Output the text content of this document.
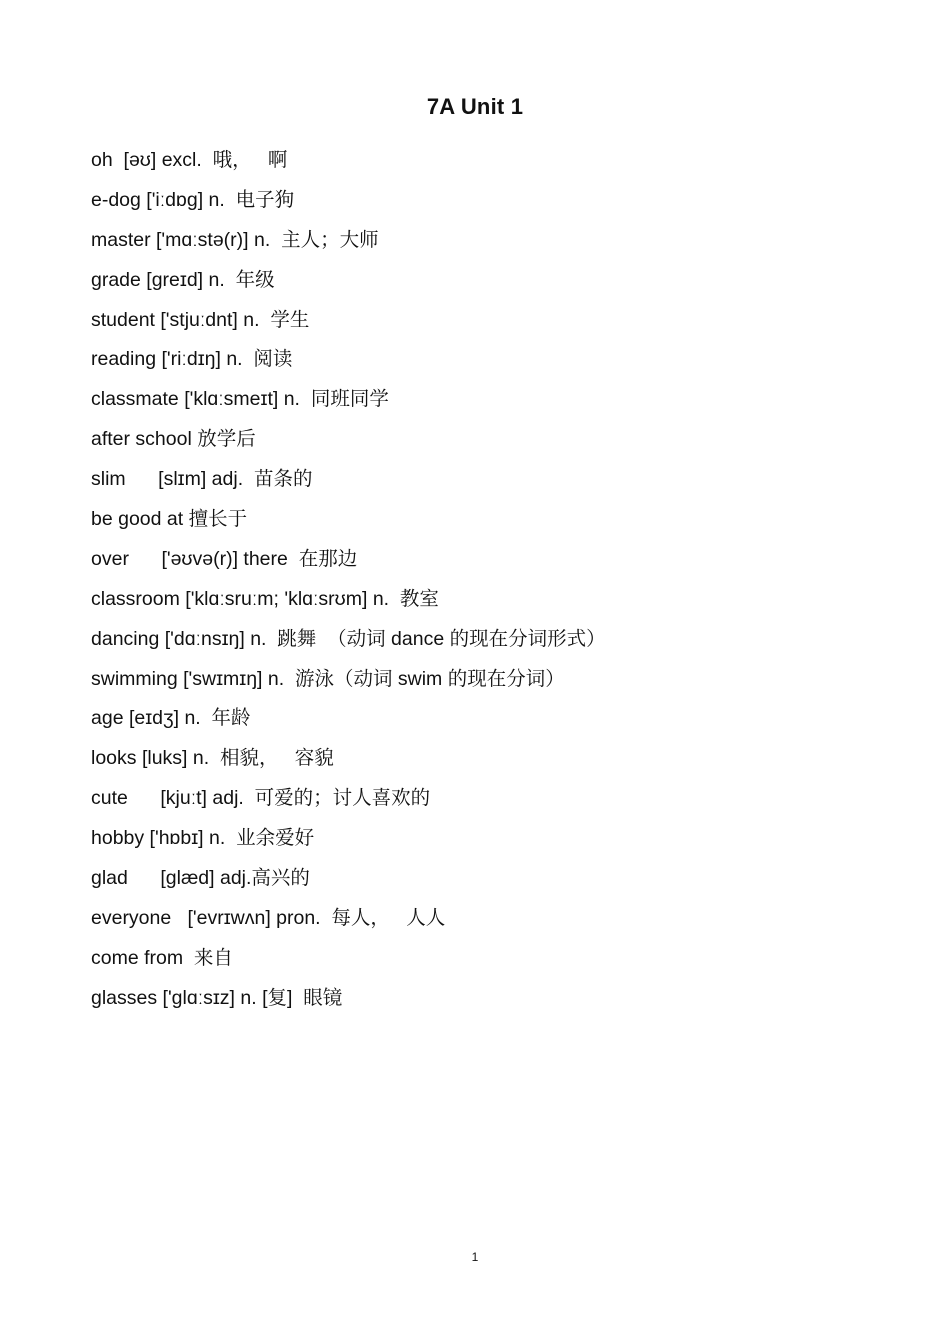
7A Unit 1
oh  [əʊ] excl.  哦，   啊
e-dog ['iːdɒg] n.  电子狗
master ['mɑːstə(r)] n.  主人；大师
grade [greɪd] n.  年级
student ['stjuːdnt] n.  学生
reading ['riːdɪŋ] n.  阅读
classmate ['klɑːsmeɪt] n.  同班同学
after school 放学后
slim      [slɪm] adj.  苗条的
be good at 擅长于
over      ['əʊvə(r)] there  在那边
classroom ['klɑːsruːm; 'klɑːsrʊm] n.  教室
dancing ['dɑːnsɪŋ] n.  跳舞  （动词 dance 的现在分词形式）
swimming ['swɪmɪŋ] n.  游泳（动词 swim 的现在分词）
age [eɪdʒ] n.  年龄
looks [luks] n.  相貌，   容貌
cute      [kjuːt] adj.  可爱的；讨人喜欢的
hobby ['hɒbɪ] n.  业余爱好
glad      [glæd] adj.高兴的
everyone   ['evrɪwʌn] pron.  每人，   人人
come from  来自
glasses ['glɑːsɪz] n. [复]  眼镜
1
